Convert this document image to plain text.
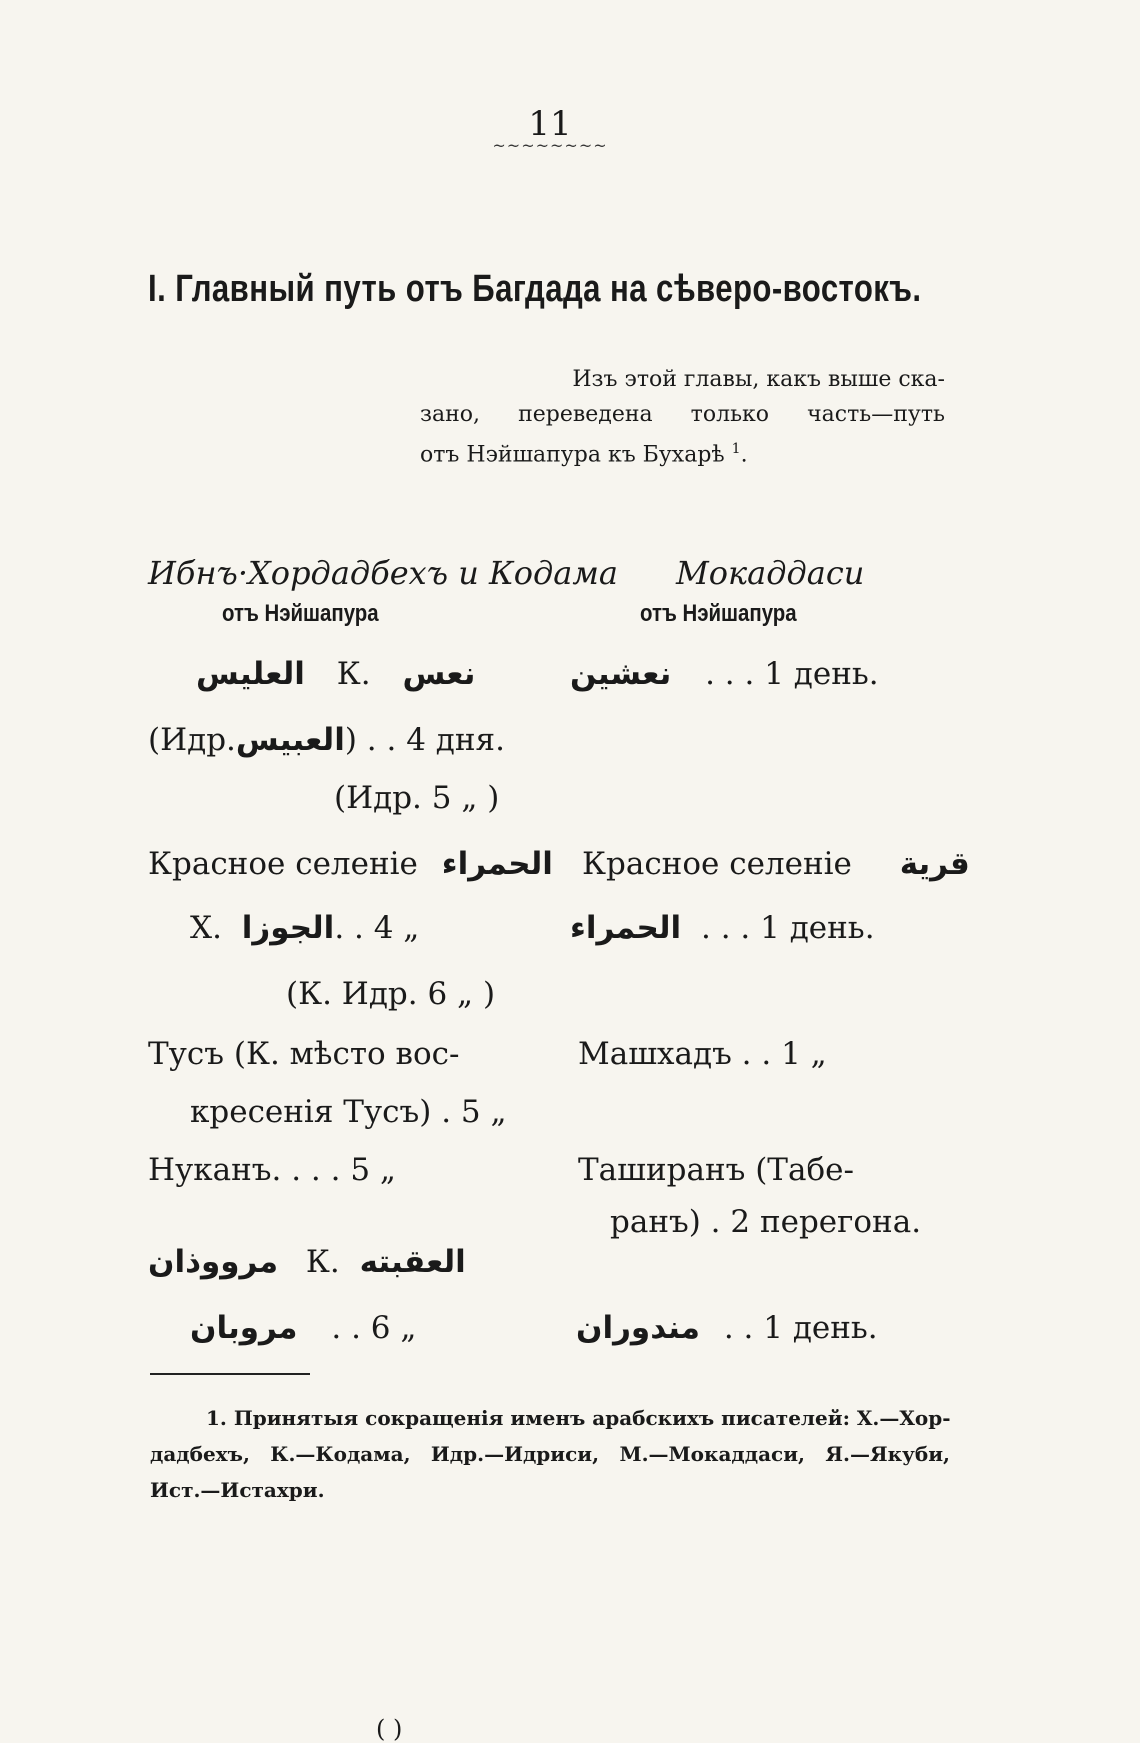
11
~~~~~~~~
I. Главный путь отъ Багдада на сѣверо-востокъ.
Изъ этой главы, какъ выше ска-
зано, переведена только часть—путь
отъ Нэйшапура къ Бухарѣ $^1$.
Ибнъ·Хордадбехъ и Кодама
отъ Нэйшапура
Мокаддаси
отъ Нэйшапура
العليس К. نعس
(Идр.العبيس) . . 4 дня.
(Идр. 5 „ )
Красное селеніе الحمراء
Х. الجوزا. . 4 „
(К. Идр. 6 „ )
Тусъ (К. мѣсто вос-
кресенія Тусъ) . 5 „
Нуканъ. . . . 5 „
مرووذان К. العقبته
مروبان . . 6 „
نعشين . . . 1 день.
Красное селеніе قرية
الحمراء . . . 1 день.
Машхадъ . . 1 „
Таширанъ (Табе-
ранъ) . 2 перегона.
مندوران . . 1 день.
1. Принятыя сокращенія именъ арабскихъ писателей: Х.—Хор-
дадбехъ, К.—Кодама, Идр.—Идриси, М.—Мокаддаси, Я.—Якуби,
Ист.—Истахри.
( )
